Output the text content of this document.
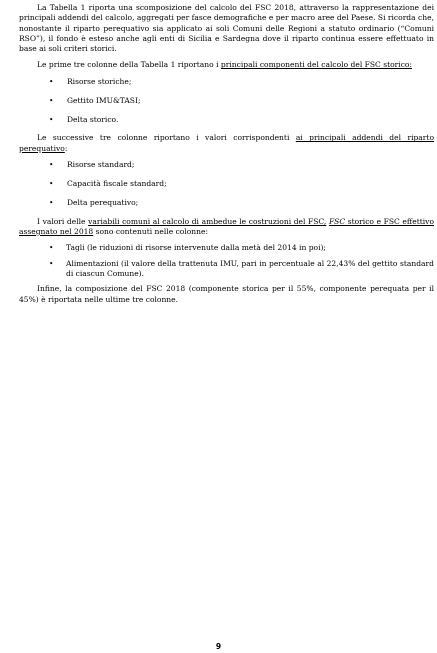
La Tabella 1 riporta una scomposizione del calcolo del FSC 2018, attraverso la rappresentazione dei principali addendi del calcolo, aggregati per fasce demografiche e per macro aree del Paese. Si ricorda che, nonostante il riparto perequativo sia applicato ai soli Comuni delle Regioni a statuto ordinario (“Comuni RSO”), il fondo è esteso anche agli enti di Sicilia e Sardegna dove il riparto continua essere effettuato in base ai soli criteri storici.

Le prime tre colonne della Tabella 1 riportano i principali componenti del calcolo del FSC storico:

• Risorse storiche;
• Gettito IMU&TASI;
• Delta storico.

Le successive tre colonne riportano i valori corrispondenti ai principali addendi del riparto perequativo:

• Risorse standard;
• Capacità fiscale standard;
• Delta perequativo;

I valori delle variabili comuni al calcolo di ambedue le costruzioni del FSC, FSC storico e FSC effettivo assegnato nel 2018 sono contenuti nelle colonne:

• Tagli (le riduzioni di risorse intervenute dalla metà del 2014 in poi);
• Alimentazioni (il valore della trattenuta IMU, pari in percentuale al 22,43% del gettito standard di ciascun Comune).

Infine, la composizione del FSC 2018 (componente storica per il 55%, componente perequata per il 45%) è riportata nelle ultime tre colonne.

9
